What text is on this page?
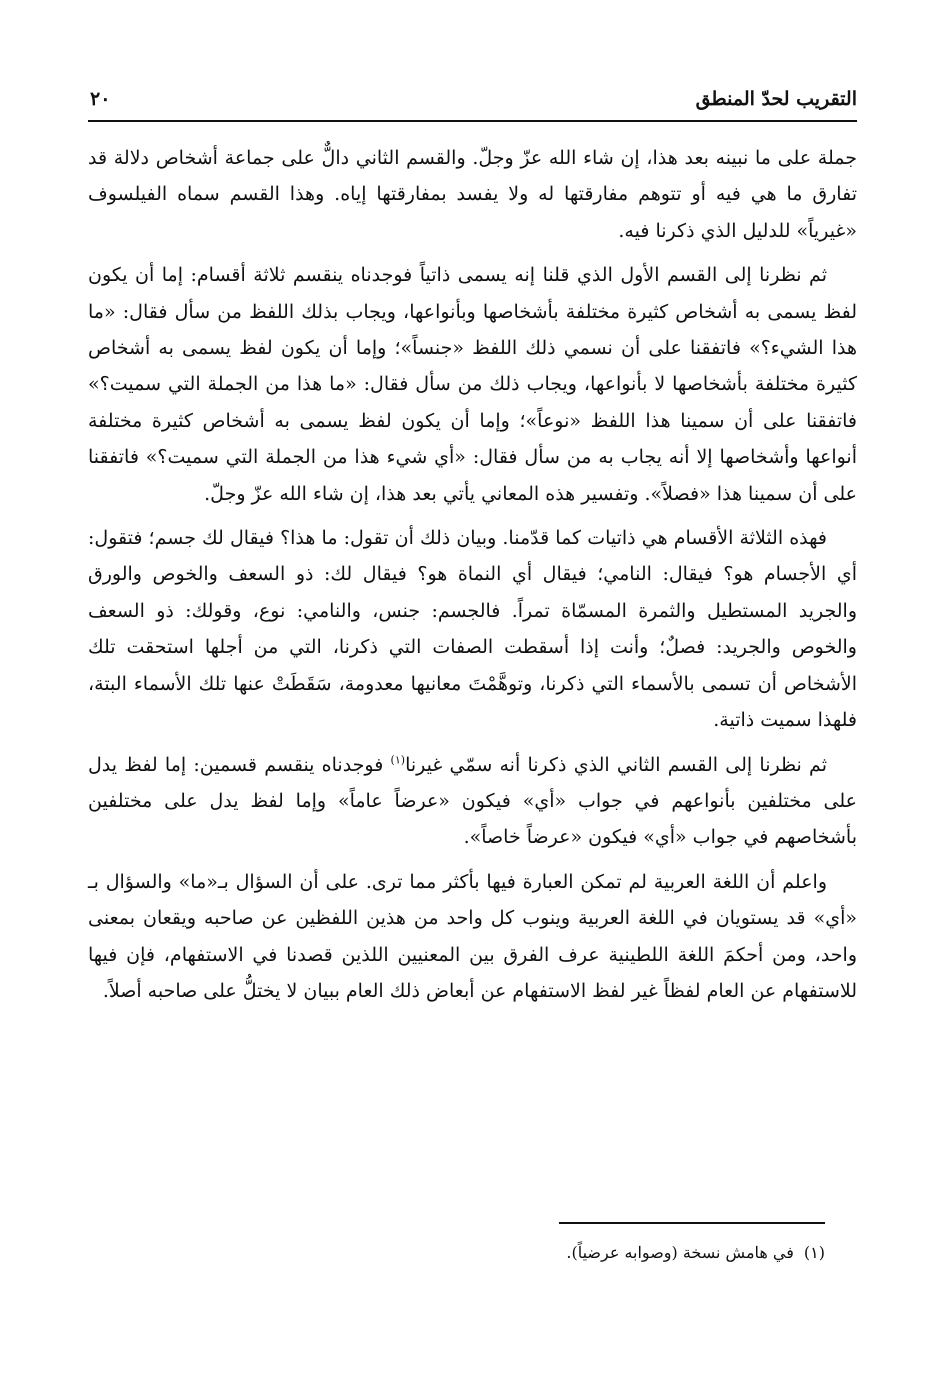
التقريب لحدّ المنطق
٢٠

جملة على ما نبينه بعد هذا، إن شاء الله عزّ وجلّ. والقسم الثاني دالٌّ على جماعة أشخاص دلالة قد تفارق ما هي فيه أو تتوهم مفارقتها له ولا يفسد بمفارقتها إياه. وهذا القسم سماه الفيلسوف «غيرياً» للدليل الذي ذكرنا فيه.

ثم نظرنا إلى القسم الأول الذي قلنا إنه يسمى ذاتياً فوجدناه ينقسم ثلاثة أقسام: إما أن يكون لفظ يسمى به أشخاص كثيرة مختلفة بأشخاصها وبأنواعها، ويجاب بذلك اللفظ من سأل فقال: «ما هذا الشيء؟» فاتفقنا على أن نسمي ذلك اللفظ «جنساً»؛ وإما أن يكون لفظ يسمى به أشخاص كثيرة مختلفة بأشخاصها لا بأنواعها، ويجاب ذلك من سأل فقال: «ما هذا من الجملة التي سميت؟» فاتفقنا على أن سمينا هذا اللفظ «نوعاً»؛ وإما أن يكون لفظ يسمى به أشخاص كثيرة مختلفة أنواعها وأشخاصها إلا أنه يجاب به من سأل فقال: «أي شيء هذا من الجملة التي سميت؟» فاتفقنا على أن سمينا هذا «فصلاً». وتفسير هذه المعاني يأتي بعد هذا، إن شاء الله عزّ وجلّ.

فهذه الثلاثة الأقسام هي ذاتيات كما قدّمنا. وبيان ذلك أن تقول: ما هذا؟ فيقال لك جسم؛ فتقول: أي الأجسام هو؟ فيقال: النامي؛ فيقال أي النماة هو؟ فيقال لك: ذو السعف والخوص والورق والجريد المستطيل والثمرة المسمّاة تمراً. فالجسم: جنس، والنامي: نوع، وقولك: ذو السعف والخوص والجريد: فصلٌ؛ وأنت إذا أسقطت الصفات التي ذكرنا، التي من أجلها استحقت تلك الأشخاص أن تسمى بالأسماء التي ذكرنا، وتوهَّمْتَ معانيها معدومة، سَقَطَتْ عنها تلك الأسماء البتة، فلهذا سميت ذاتية.

ثم نظرنا إلى القسم الثاني الذي ذكرنا أنه سمّي غيرنا$^{(١)}$ فوجدناه ينقسم قسمين: إما لفظ يدل على مختلفين بأنواعهم في جواب «أي» فيكون «عرضاً عاماً» وإما لفظ يدل على مختلفين بأشخاصهم في جواب «أي» فيكون «عرضاً خاصاً».

واعلم أن اللغة العربية لم تمكن العبارة فيها بأكثر مما ترى. على أن السؤال بـ«ما» والسؤال بـ «أي» قد يستويان في اللغة العربية وينوب كل واحد من هذين اللفظين عن صاحبه ويقعان بمعنى واحد، ومن أحكمَ اللغة اللطينية عرف الفرق بين المعنيين اللذين قصدنا في الاستفهام، فإن فيها للاستفهام عن العام لفظاً غير لفظ الاستفهام عن أبعاض ذلك العام ببيان لا يختلُّ على صاحبه أصلاً.

(١)
في هامش نسخة (وصوابه عرضياً).
